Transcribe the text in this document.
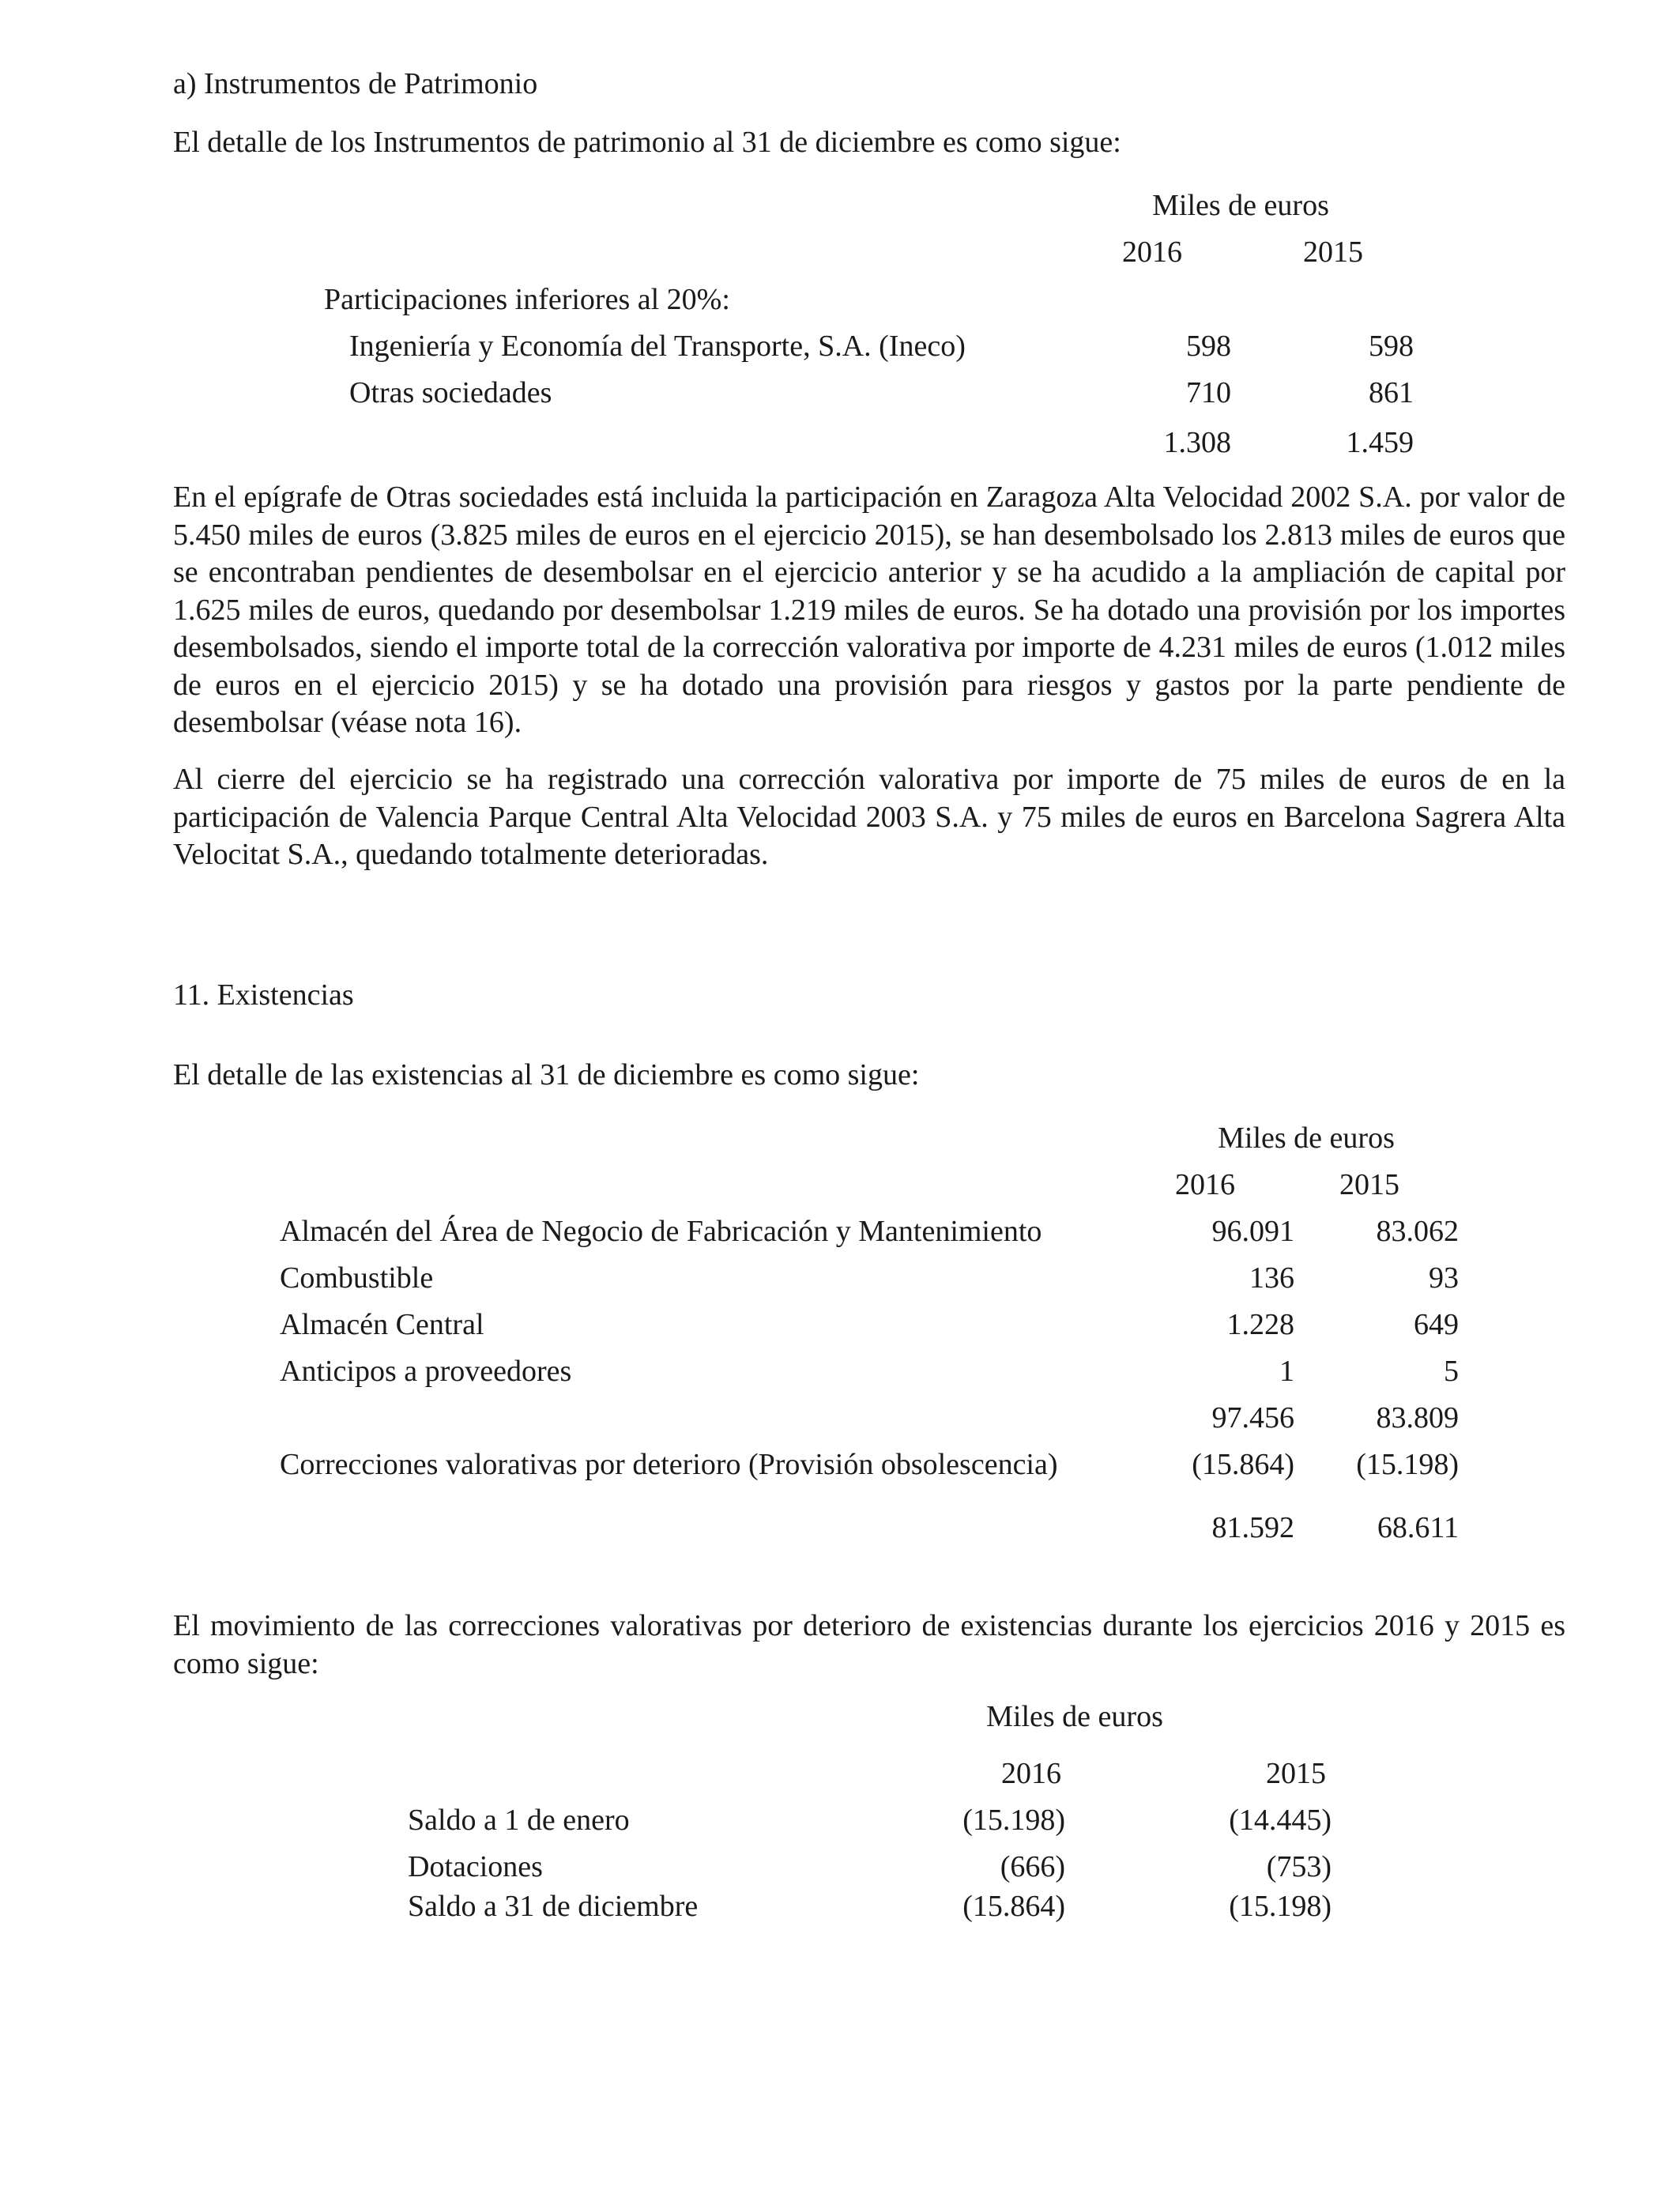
a) Instrumentos de Patrimonio
El detalle de los Instrumentos de patrimonio al 31 de diciembre es como sigue:
Miles de euros
2016	2015
Participaciones inferiores al 20%:
Ingeniería y Economía del Transporte, S.A. (Ineco)	598	598
Otras sociedades	710	861
1.308	1.459

En el epígrafe de Otras sociedades está incluida la participación en Zaragoza Alta Velocidad 2002 S.A. por valor de 5.450 miles de euros (3.825 miles de euros en el ejercicio 2015), se han desembolsado los 2.813 miles de euros que se encontraban pendientes de desembolsar en el ejercicio anterior y se ha acudido a la ampliación de capital por 1.625 miles de euros, quedando por desembolsar 1.219 miles de euros. Se ha dotado una provisión por los importes desembolsados, siendo el importe total de la corrección valorativa por importe de 4.231 miles de euros (1.012 miles de euros en el ejercicio 2015) y se ha dotado una provisión para riesgos y gastos por la parte pendiente de desembolsar (véase nota 16).

Al cierre del ejercicio se ha registrado una corrección valorativa por importe de 75 miles de euros de en la participación de Valencia Parque Central Alta Velocidad 2003 S.A. y 75 miles de euros en Barcelona Sagrera Alta Velocitat S.A., quedando totalmente deterioradas.

11. Existencias
El detalle de las existencias al 31 de diciembre es como sigue:
Miles de euros
2016	2015
Almacén del Área de Negocio de Fabricación y Mantenimiento	96.091	83.062
Combustible	136	93
Almacén Central	1.228	649
Anticipos a proveedores	1	5
97.456	83.809
Correcciones valorativas por deterioro (Provisión obsolescencia)	(15.864) (15.198)
81.592	68.611

El movimiento de las correcciones valorativas por deterioro de existencias durante los ejercicios 2016 y 2015 es como sigue:

Miles de euros
2016	2015
Saldo a 1 de enero	(15.198)	(14.445)
Dotaciones	(666)	(753)
Saldo a 31 de diciembre	(15.864)	(15.198)
